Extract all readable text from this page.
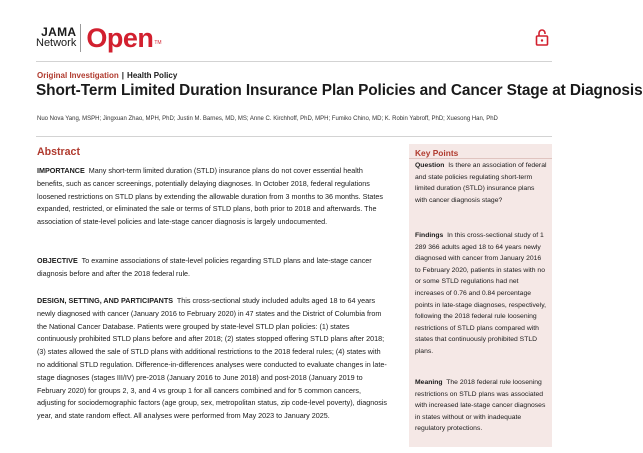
JAMA
Network Open TM
Original Investigation | Health Policy
Short-Term Limited Duration Insurance Plan Policies and Cancer Stage at Diagnosis
Nuo Nova Yang, MSPH; Jingxuan Zhao, MPH, PhD; Justin M. Barnes, MD, MS; Anne C. Kirchhoff, PhD, MPH; Fumiko Chino, MD; K. Robin Yabroff, PhD; Xuesong Han, PhD
Abstract

IMPORTANCE Many short-term limited duration (STLD) insurance plans do not cover essential health benefits, such as cancer screenings, potentially delaying diagnoses. In October 2018, federal regulations loosened restrictions on STLD plans by extending the allowable duration from 3 months to 36 months. States expanded, restricted, or eliminated the sale or terms of STLD plans, both prior to 2018 and afterwards. The association of state-level policies and late-stage cancer diagnosis is largely undocumented.

OBJECTIVE To examine associations of state-level policies regarding STLD plans and late-stage cancer diagnosis before and after the 2018 federal rule.

DESIGN, SETTING, AND PARTICIPANTS This cross-sectional study included adults aged 18 to 64 years newly diagnosed with cancer (January 2016 to February 2020) in 47 states and the District of Columbia from the National Cancer Database. Patients were grouped by state-level STLD plan policies: (1) states continuously prohibited STLD plans before and after 2018; (2) states stopped offering STLD plans after 2018; (3) states allowed the sale of STLD plans with additional restrictions to the 2018 federal rules; (4) states with no additional STLD regulation. Difference-in-differences analyses were conducted to evaluate changes in late-stage diagnoses (stages III/IV) pre-2018 (January 2016 to June 2018) and post-2018 (January 2019 to February 2020) for groups 2, 3, and 4 vs group 1 for all cancers combined and for 5 common cancers, adjusting for sociodemographic factors (age group, sex, metropolitan status, zip code-level poverty), diagnosis year, and state random effect. All analyses were performed from May 2023 to January 2025.

Key Points

Question Is there an association of federal and state policies regulating short-term limited duration (STLD) insurance plans with cancer diagnosis stage?

Findings In this cross-sectional study of 1 289 366 adults aged 18 to 64 years newly diagnosed with cancer from January 2016 to February 2020, patients in states with no or some STLD regulations had net increases of 0.76 and 0.84 percentage points in late-stage diagnoses, respectively, following the 2018 federal rule loosening restrictions of STLD plans compared with states that continuously prohibited STLD plans.

Meaning The 2018 federal rule loosening restrictions on STLD plans was associated with increased late-stage cancer diagnoses in states without or with inadequate regulatory protections.
